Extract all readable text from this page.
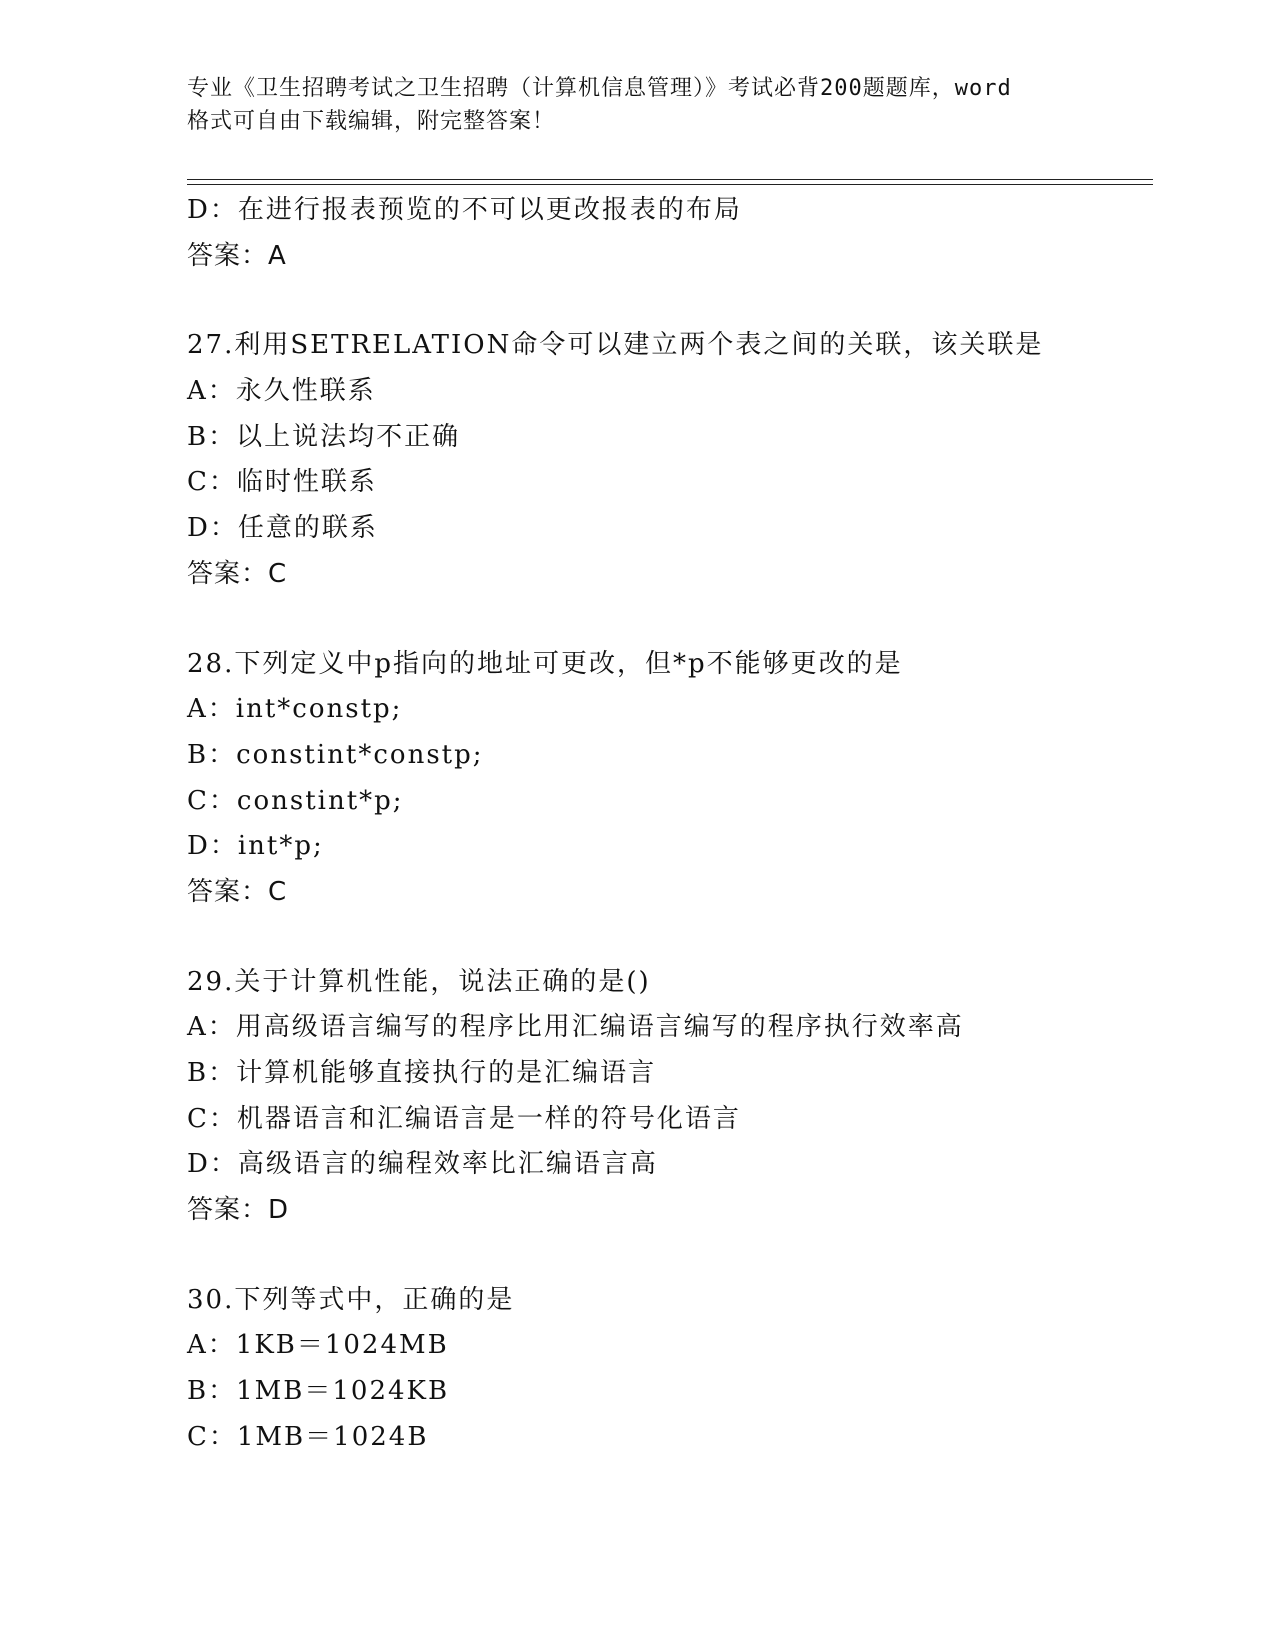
专业《卫生招聘考试之卫生招聘（计算机信息管理）》考试必背200题题库，word
格式可自由下载编辑，附完整答案！
D：在进行报表预览的不可以更改报表的布局
答案：A
27.利用SETRELATION命令可以建立两个表之间的关联，该关联是
A：永久性联系
B：以上说法均不正确
C：临时性联系
D：任意的联系
答案：C
28.下列定义中p指向的地址可更改，但*p不能够更改的是
A：int*constp;
B：constint*constp;
C：constint*p;
D：int*p;
答案：C
29.关于计算机性能，说法正确的是()
A：用高级语言编写的程序比用汇编语言编写的程序执行效率高
B：计算机能够直接执行的是汇编语言
C：机器语言和汇编语言是一样的符号化语言
D：高级语言的编程效率比汇编语言高
答案：D
30.下列等式中，正确的是
A：1KB＝1024MB
B：1MB＝1024KB
C：1MB＝1024B
